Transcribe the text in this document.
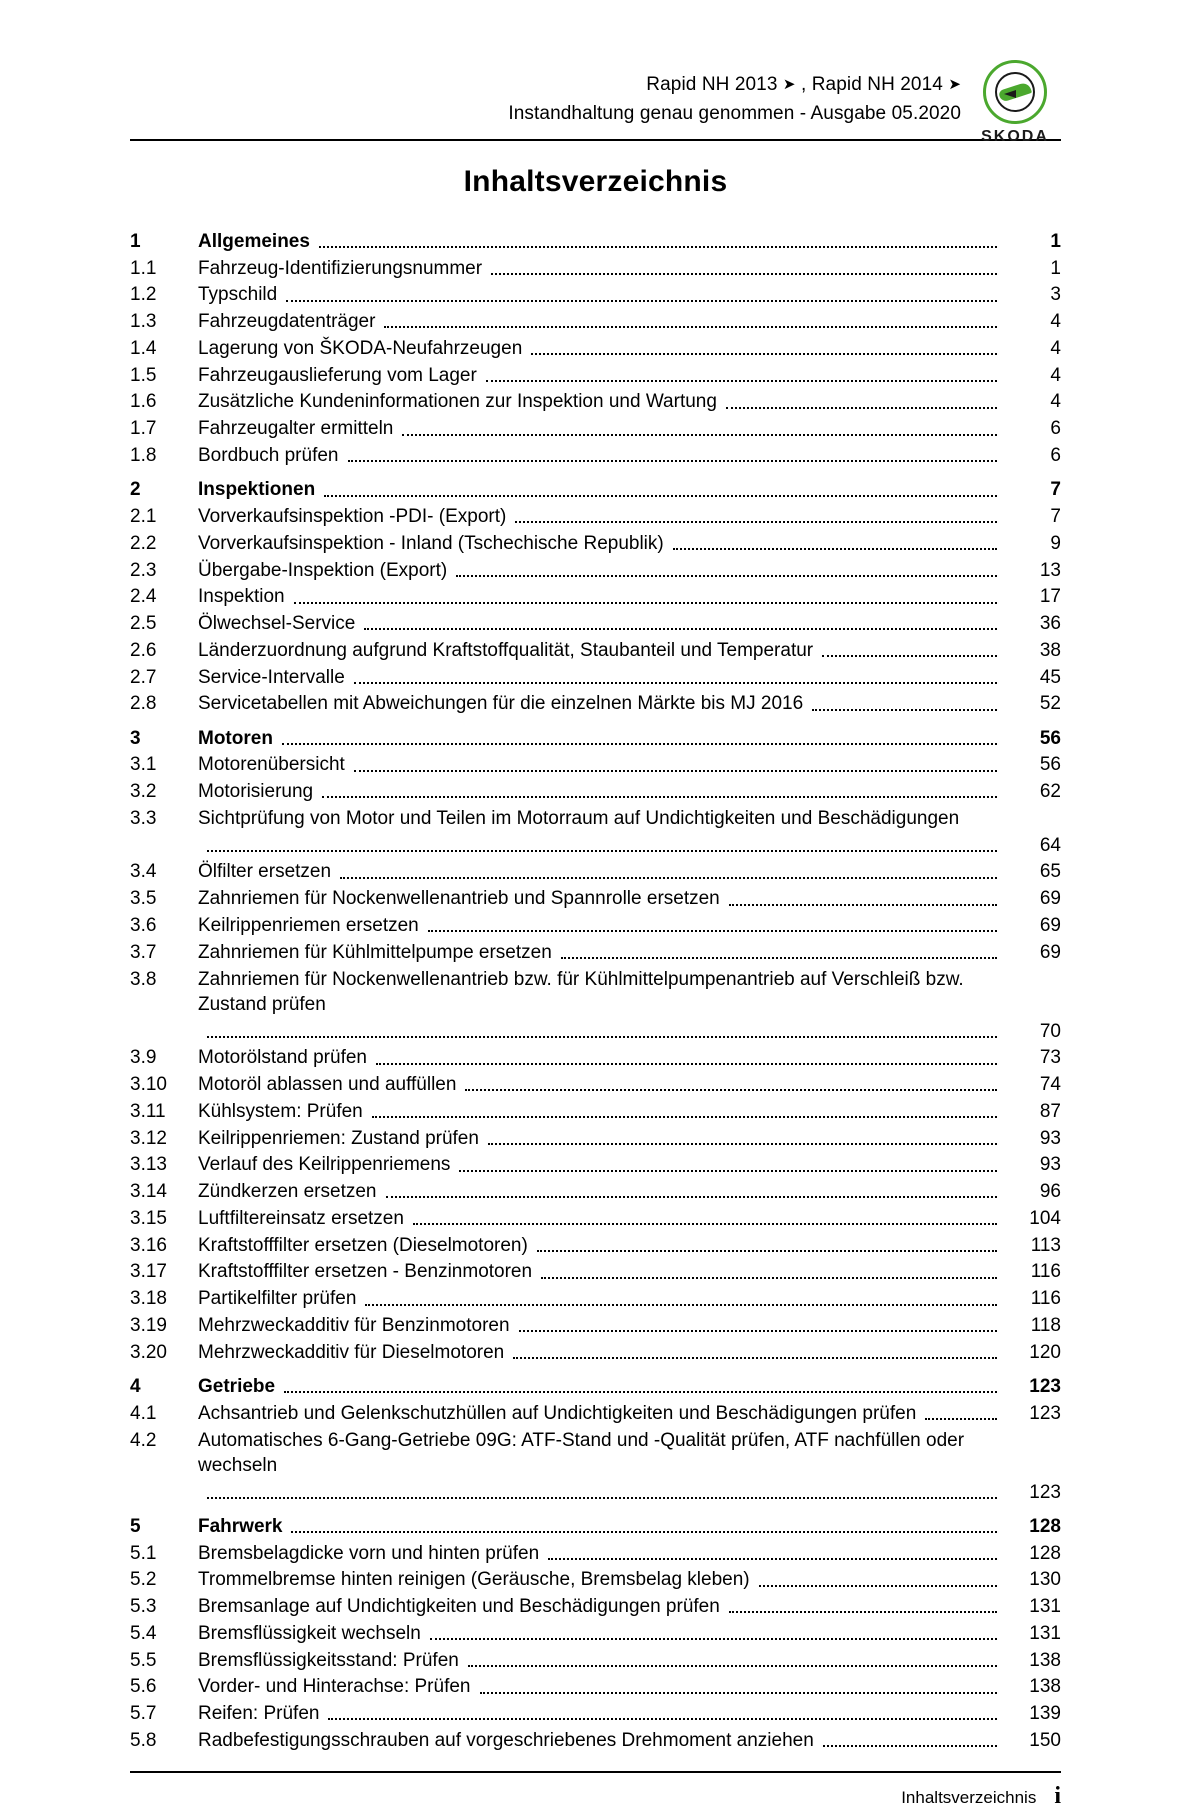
Rapid NH 2013 ➤ , Rapid NH 2014 ➤
Instandhaltung genau genommen - Ausgabe 05.2020
SKODA
Inhaltsverzeichnis
1	Allgemeines	1
1.1	Fahrzeug-Identifizierungsnummer	1
1.2	Typschild	3
1.3	Fahrzeugdatenträger	4
1.4	Lagerung von ŠKODA-Neufahrzeugen	4
1.5	Fahrzeugauslieferung vom Lager	4
1.6	Zusätzliche Kundeninformationen zur Inspektion und Wartung	4
1.7	Fahrzeugalter ermitteln	6
1.8	Bordbuch prüfen	6
2	Inspektionen	7
2.1	Vorverkaufsinspektion -PDI- (Export)	7
2.2	Vorverkaufsinspektion - Inland (Tschechische Republik)	9
2.3	Übergabe-Inspektion (Export)	13
2.4	Inspektion	17
2.5	Ölwechsel-Service	36
2.6	Länderzuordnung aufgrund Kraftstoffqualität, Staubanteil und Temperatur	38
2.7	Service-Intervalle	45
2.8	Servicetabellen mit Abweichungen für die einzelnen Märkte bis MJ 2016	52
3	Motoren	56
3.1	Motorenübersicht	56
3.2	Motorisierung	62
3.3	Sichtprüfung von Motor und Teilen im Motorraum auf Undichtigkeiten und Beschädigungen
64
3.4	Ölfilter ersetzen	65
3.5	Zahnriemen für Nockenwellenantrieb und Spannrolle ersetzen	69
3.6	Keilrippenriemen ersetzen	69
3.7	Zahnriemen für Kühlmittelpumpe ersetzen	69
3.8	Zahnriemen für Nockenwellenantrieb bzw. für Kühlmittelpumpenantrieb auf Verschleiß bzw. Zustand prüfen
70
3.9	Motorölstand prüfen	73
3.10	Motoröl ablassen und auffüllen	74
3.11	Kühlsystem: Prüfen	87
3.12	Keilrippenriemen: Zustand prüfen	93
3.13	Verlauf des Keilrippenriemens	93
3.14	Zündkerzen ersetzen	96
3.15	Luftfiltereinsatz ersetzen	104
3.16	Kraftstofffilter ersetzen (Dieselmotoren)	113
3.17	Kraftstofffilter ersetzen - Benzinmotoren	116
3.18	Partikelfilter prüfen	116
3.19	Mehrzweckadditiv für Benzinmotoren	118
3.20	Mehrzweckadditiv für Dieselmotoren	120
4	Getriebe	123
4.1	Achsantrieb und Gelenkschutzhüllen auf Undichtigkeiten und Beschädigungen prüfen	123
4.2	Automatisches 6-Gang-Getriebe 09G: ATF-Stand und -Qualität prüfen, ATF nachfüllen oder wechseln
123
5	Fahrwerk	128
5.1	Bremsbelagdicke vorn und hinten prüfen	128
5.2	Trommelbremse hinten reinigen (Geräusche, Bremsbelag kleben)	130
5.3	Bremsanlage auf Undichtigkeiten und Beschädigungen prüfen	131
5.4	Bremsflüssigkeit wechseln	131
5.5	Bremsflüssigkeitsstand: Prüfen	138
5.6	Vorder- und Hinterachse: Prüfen	138
5.7	Reifen: Prüfen	139
5.8	Radbefestigungsschrauben auf vorgeschriebenes Drehmoment anziehen	150
Inhaltsverzeichnis i
